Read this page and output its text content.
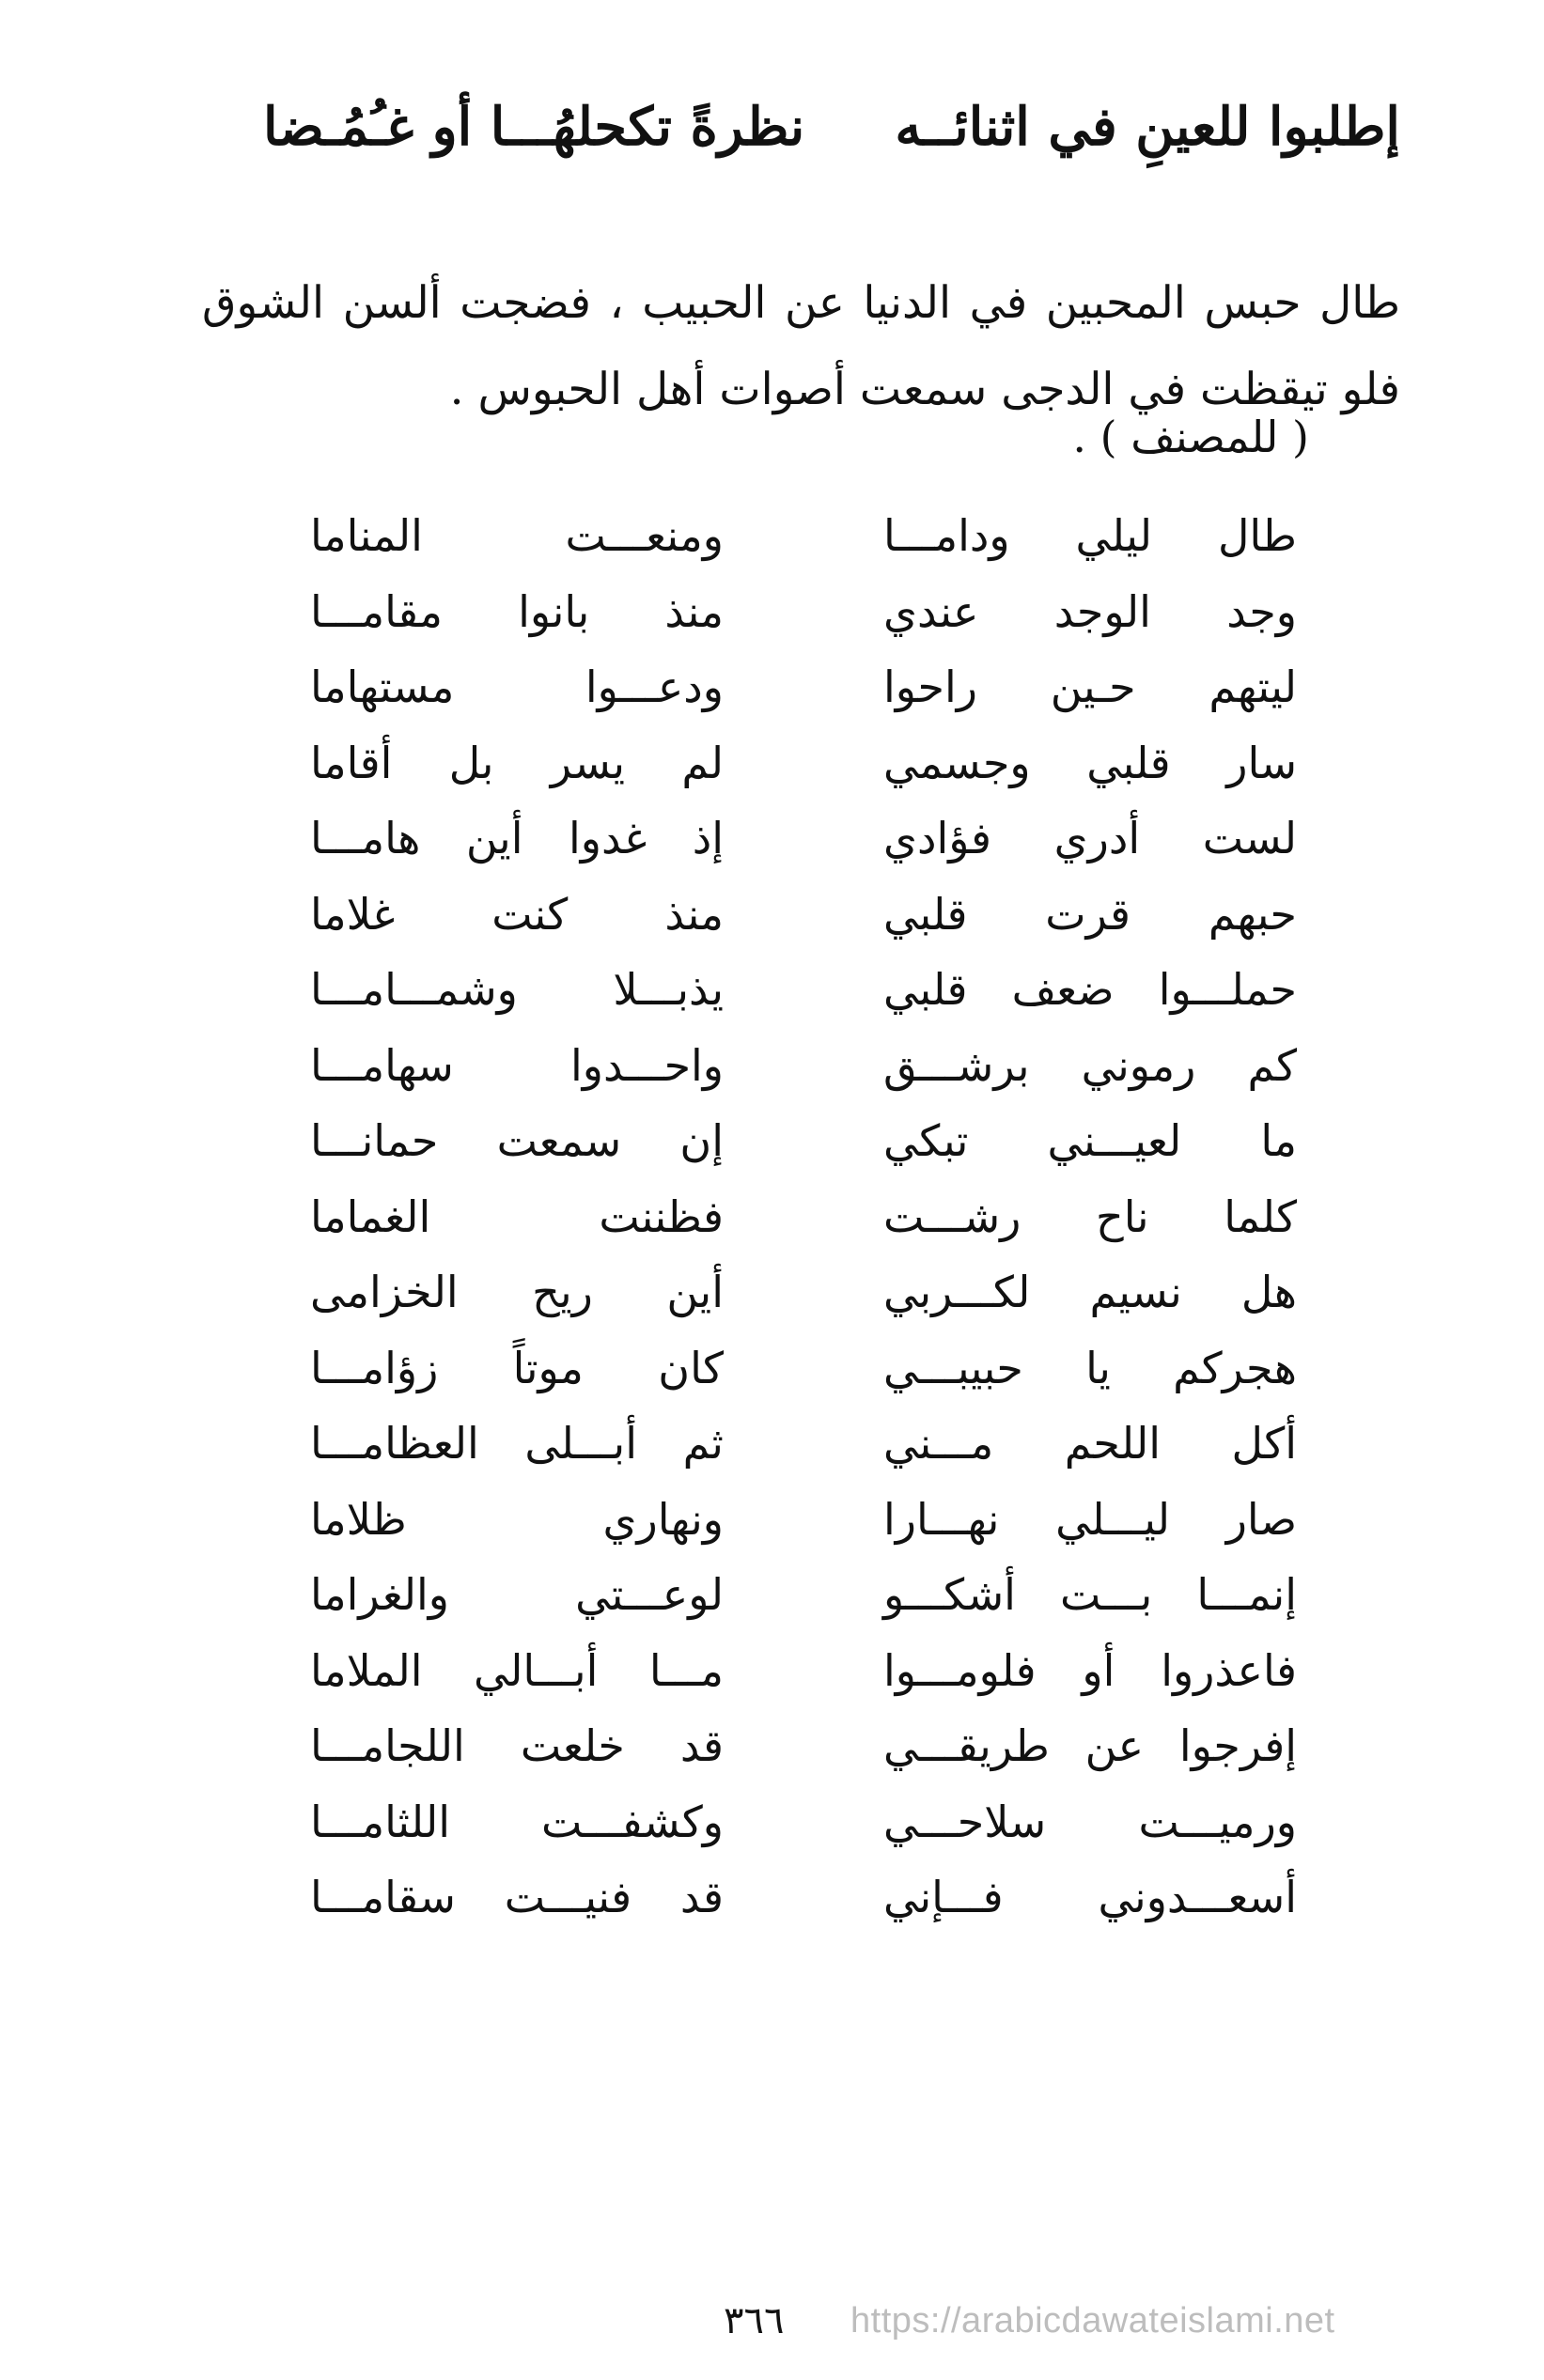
إطلبوا للعينِ في اثنائــه
نظرةً تكحلهُـــا أو غـُمُـضا

طال حبس المحبين في الدنيا عن الحبيب ، فضجت ألسن الشوق فلو تيقظت في الدجى سمعت أصوات أهل الحبوس .

( للمصنف ) .
طال ليلي ودامـــا
ومنعـــت المناما
وجد الوجد عندي
منذ بانوا مقامـــا
ليتهم حـين راحوا
ودعـــوا مستهاما
سار قلبي وجسمي
لم يسر بل أقاما
لست أدري فؤادي
إذ غدوا أين هامـــا
حبهم قرت قلبي
منذ كنت غلاما
حملـــوا ضعف قلبي
يذبـــلا وشمـــامـــا
كم رموني برشـــق
واحـــدوا سهامـــا
ما لعيـــني تبكي
إن سمعت حمانـــا
كلما ناح رشـــت
فظننت الغماما
هل نسيم لكـــربي
أين ريح الخزامى
هجركم يا حبيبـــي
كان موتاً زؤامـــا
أكل اللحم مـــني
ثم أبـــلى العظامـــا
صار ليـــلي نهـــارا
ونهاري ظلاما
إنمـــا بـــت أشكـــو
لوعـــتي والغراما
فاعذروا أو فلومـــوا
مـــا أبـــالي الملاما
إفرجوا عن طريقـــي
قد خلعت اللجامـــا
ورميـــت سلاحـــي
وكشفـــت اللثامـــا
أسعـــدوني فـــإني
قد فنيـــت سقامـــا
٣٦٦ https://arabicdawateislami.net
